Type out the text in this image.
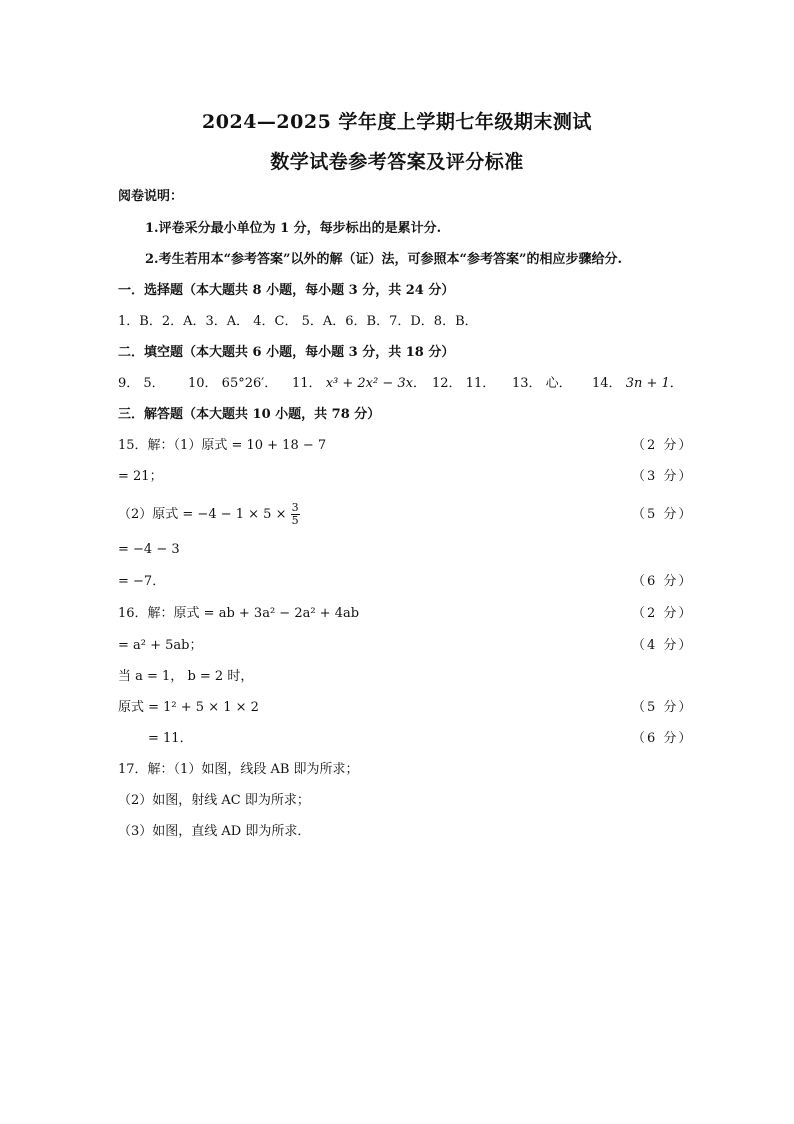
2024—2025 学年度上学期七年级期末测试
数学试卷参考答案及评分标准
阅卷说明：
1.评卷采分最小单位为 1 分，每步标出的是累计分.
2.考生若用本“参考答案”以外的解（证）法，可参照本“参考答案”的相应步骤给分.
一．选择题（本大题共 8 小题，每小题 3 分，共 24 分）
1．B．2．A．3．A． 4．C． 5．A．6．B．7．D．8．B．
二．填空题（本大题共 6 小题，每小题 3 分，共 18 分）
9． 5． 10． 65°26′． 11． x³ + 2x² − 3x． 12． 11． 13． 心． 14． 3n + 1．
三．解答题（本大题共 10 小题，共 78 分）
15．解：（1）原式 = 10 + 18 − 7	（2 分）
= 21；	（3 分）
（2）原式 = $-4 - 1 \times 5 \times \frac{3}{5}$	（5 分）
= −4 − 3
= −7．	（6 分）
16．解：原式 = ab + 3a² − 2a² + 4ab	（2 分）
= a² + 5ab；	（4 分）
当 a = 1， b = 2 时，
原式 = 1² + 5 × 1 × 2	（5 分）
= 11．	（6 分）
17．解：（1）如图，线段 AB 即为所求；
（2）如图，射线 AC 即为所求；
（3）如图，直线 AD 即为所求．
